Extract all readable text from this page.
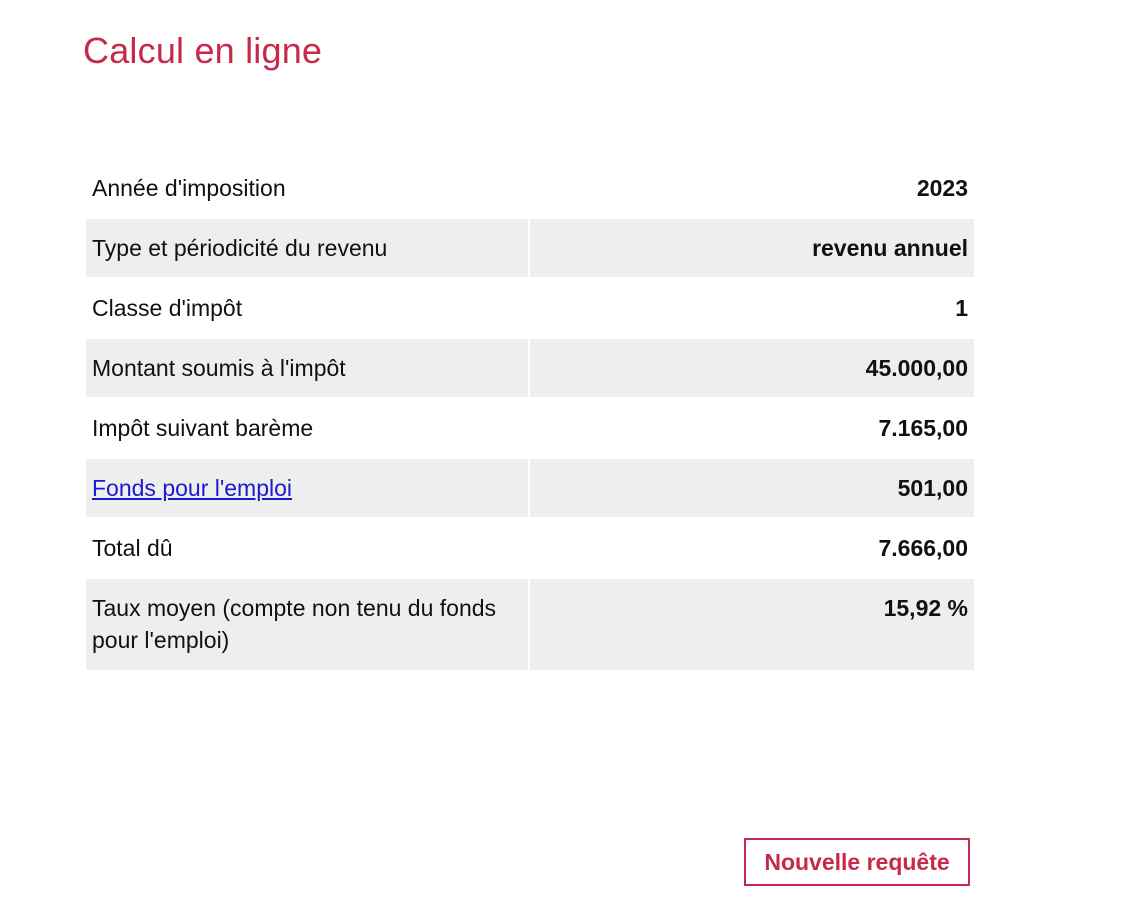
Calcul en ligne
Année d'imposition	2023
Type et périodicité du revenu	revenu annuel
Classe d'impôt	1
Montant soumis à l'impôt	45.000,00
Impôt suivant barème	7.165,00
Fonds pour l'emploi	501,00
Total dû	7.666,00
Taux moyen (compte non tenu du fonds pour l'emploi)	15,92 %
Nouvelle requête
